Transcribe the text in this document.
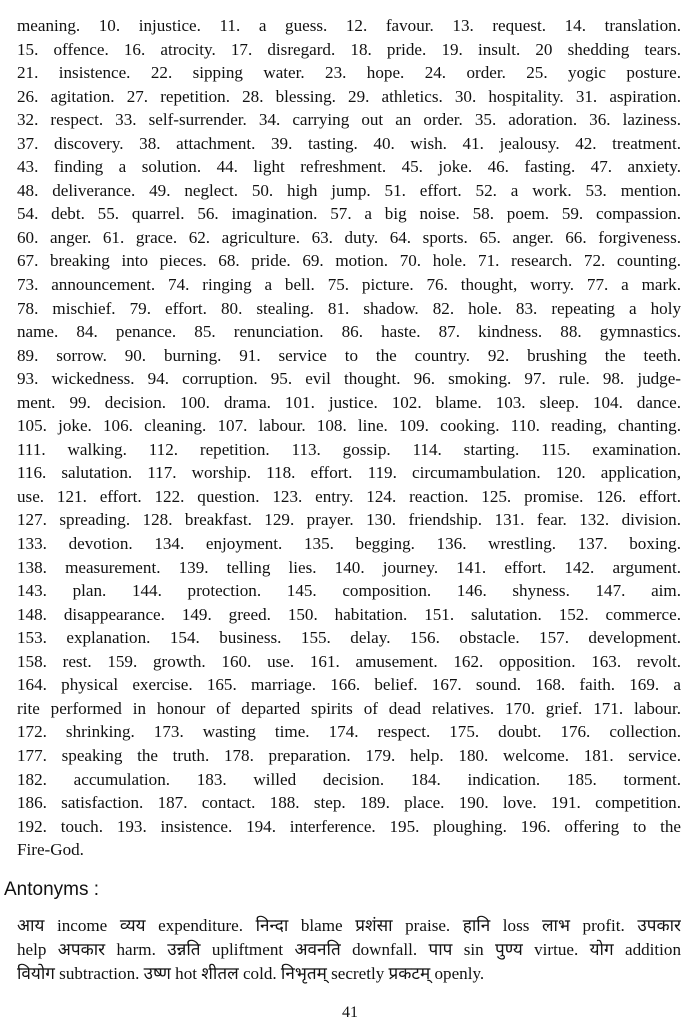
meaning. 10. injustice. 11. a guess. 12. favour. 13. request. 14. translation.
15. offence. 16. atrocity. 17. disregard. 18. pride. 19. insult. 20 shedding tears.
21. insistence. 22. sipping water. 23. hope. 24. order. 25. yogic posture.
26. agitation. 27. repetition. 28. blessing. 29. athletics. 30. hospitality. 31. aspiration.
32. respect. 33. self-surrender. 34. carrying out an order. 35. adoration. 36. laziness.
37. discovery. 38. attachment. 39. tasting. 40. wish. 41. jealousy. 42. treatment.
43. finding a solution. 44. light refreshment. 45. joke. 46. fasting. 47. anxiety.
48. deliverance. 49. neglect. 50. high jump. 51. effort. 52. a work. 53. mention.
54. debt. 55. quarrel. 56. imagination. 57. a big noise. 58. poem. 59. compassion.
60. anger. 61. grace. 62. agriculture. 63. duty. 64. sports. 65. anger. 66. forgiveness.
67. breaking into pieces. 68. pride. 69. motion. 70. hole. 71. research. 72. counting.
73. announcement. 74. ringing a bell. 75. picture. 76. thought, worry. 77. a mark.
78. mischief. 79. effort. 80. stealing. 81. shadow. 82. hole. 83. repeating a holy
name. 84. penance. 85. renunciation. 86. haste. 87. kindness. 88. gymnastics.
89. sorrow. 90. burning. 91. service to the country. 92. brushing the teeth.
93. wickedness. 94. corruption. 95. evil thought. 96. smoking. 97. rule. 98. judge-
ment. 99. decision. 100. drama. 101. justice. 102. blame. 103. sleep. 104. dance.
105. joke. 106. cleaning. 107. labour. 108. line. 109. cooking. 110. reading, chanting.
111. walking. 112. repetition. 113. gossip. 114. starting. 115. examination.
116. salutation. 117. worship. 118. effort. 119. circumambulation. 120. application,
use. 121. effort. 122. question. 123. entry. 124. reaction. 125. promise. 126. effort.
127. spreading. 128. breakfast. 129. prayer. 130. friendship. 131. fear. 132. division.
133. devotion. 134. enjoyment. 135. begging. 136. wrestling. 137. boxing.
138. measurement. 139. telling lies. 140. journey. 141. effort. 142. argument.
143. plan. 144. protection. 145. composition. 146. shyness. 147. aim.
148. disappearance. 149. greed. 150. habitation. 151. salutation. 152. commerce.
153. explanation. 154. business. 155. delay. 156. obstacle. 157. development.
158. rest. 159. growth. 160. use. 161. amusement. 162. opposition. 163. revolt.
164. physical exercise. 165. marriage. 166. belief. 167. sound. 168. faith. 169. a
rite performed in honour of departed spirits of dead relatives. 170. grief. 171. labour.
172. shrinking. 173. wasting time. 174. respect. 175. doubt. 176. collection.
177. speaking the truth. 178. preparation. 179. help. 180. welcome. 181. service.
182. accumulation. 183. willed decision. 184. indication. 185. torment.
186. satisfaction. 187. contact. 188. step. 189. place. 190. love. 191. competition.
192. touch. 193. insistence. 194. interference. 195. ploughing. 196. offering to the
Fire-God.
Antonyms :
आय income व्यय expenditure. निन्दा blame प्रशंसा praise. हानि loss लाभ profit. उपकार
help अपकार harm. उन्नति upliftment अवनति downfall. पाप sin पुण्य virtue. योग addition
वियोग subtraction. उष्ण hot शीतल cold. निभृतम् secretly प्रकटम् openly.
41
